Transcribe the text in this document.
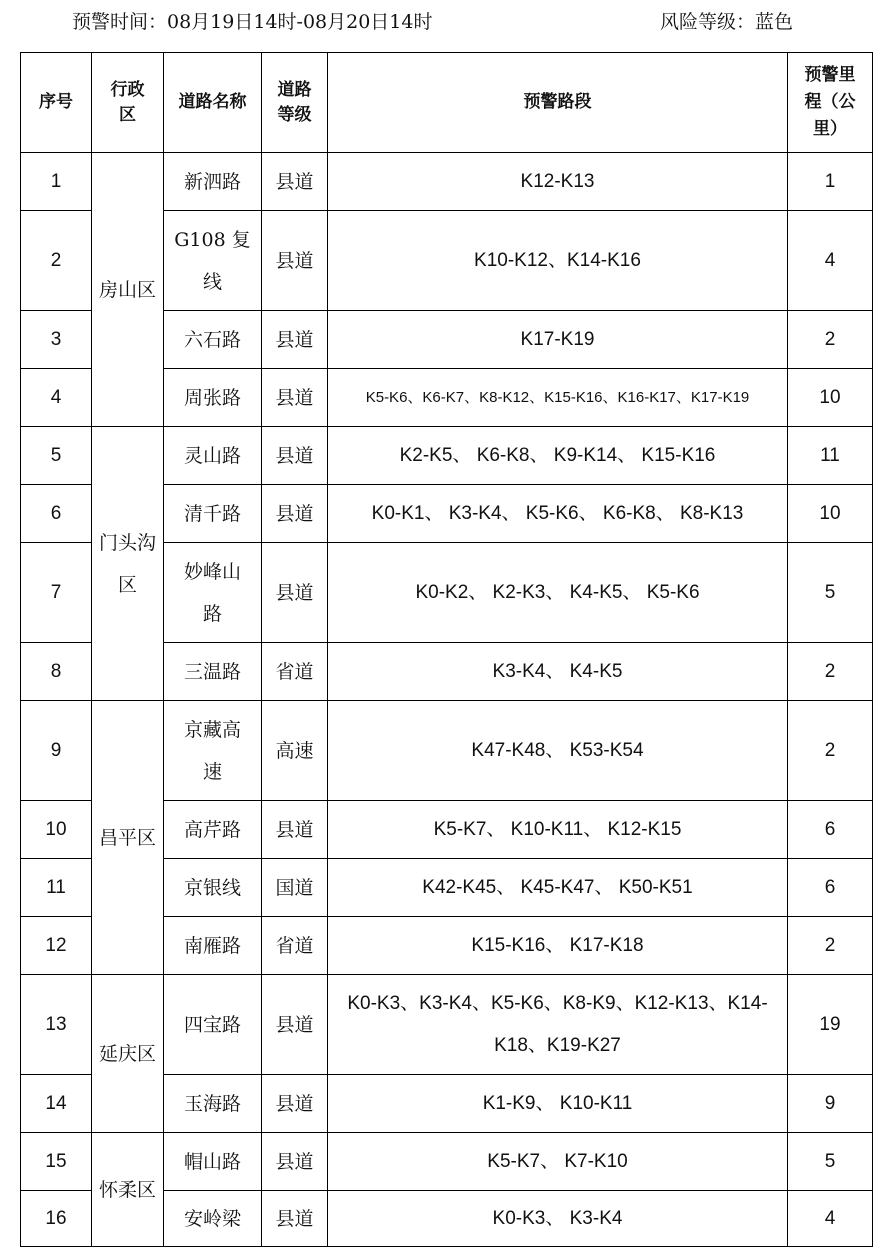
预警时间：08月19日14时-08月20日14时	风险等级：蓝色
序号	行政区	道路名称	道路等级	预警路段	预警里程（公里）
1	房山区	新泗路	县道	K12-K13	1
2		G108 复线	县道	K10-K12、K14-K16	4
3		六石路	县道	K17-K19	2
4		周张路	县道	K5-K6、K6-K7、K8-K12、K15-K16、K16-K17、K17-K19	10
5	门头沟区	灵山路	县道	K2-K5、 K6-K8、 K9-K14、 K15-K16	11
6		清千路	县道	K0-K1、 K3-K4、 K5-K6、 K6-K8、 K8-K13	10
7		妙峰山路	县道	K0-K2、 K2-K3、 K4-K5、 K5-K6	5
8		三温路	省道	K3-K4、 K4-K5	2
9	昌平区	京藏高速	高速	K47-K48、 K53-K54	2
10		高芹路	县道	K5-K7、 K10-K11、 K12-K15	6
11		京银线	国道	K42-K45、 K45-K47、 K50-K51	6
12		南雁路	省道	K15-K16、 K17-K18	2
13	延庆区	四宝路	县道	K0-K3、K3-K4、K5-K6、K8-K9、K12-K13、K14-K18、K19-K27	19
14		玉海路	县道	K1-K9、 K10-K11	9
15	怀柔区	帽山路	县道	K5-K7、 K7-K10	5
16		安岭梁	县道	K0-K3、 K3-K4	4
